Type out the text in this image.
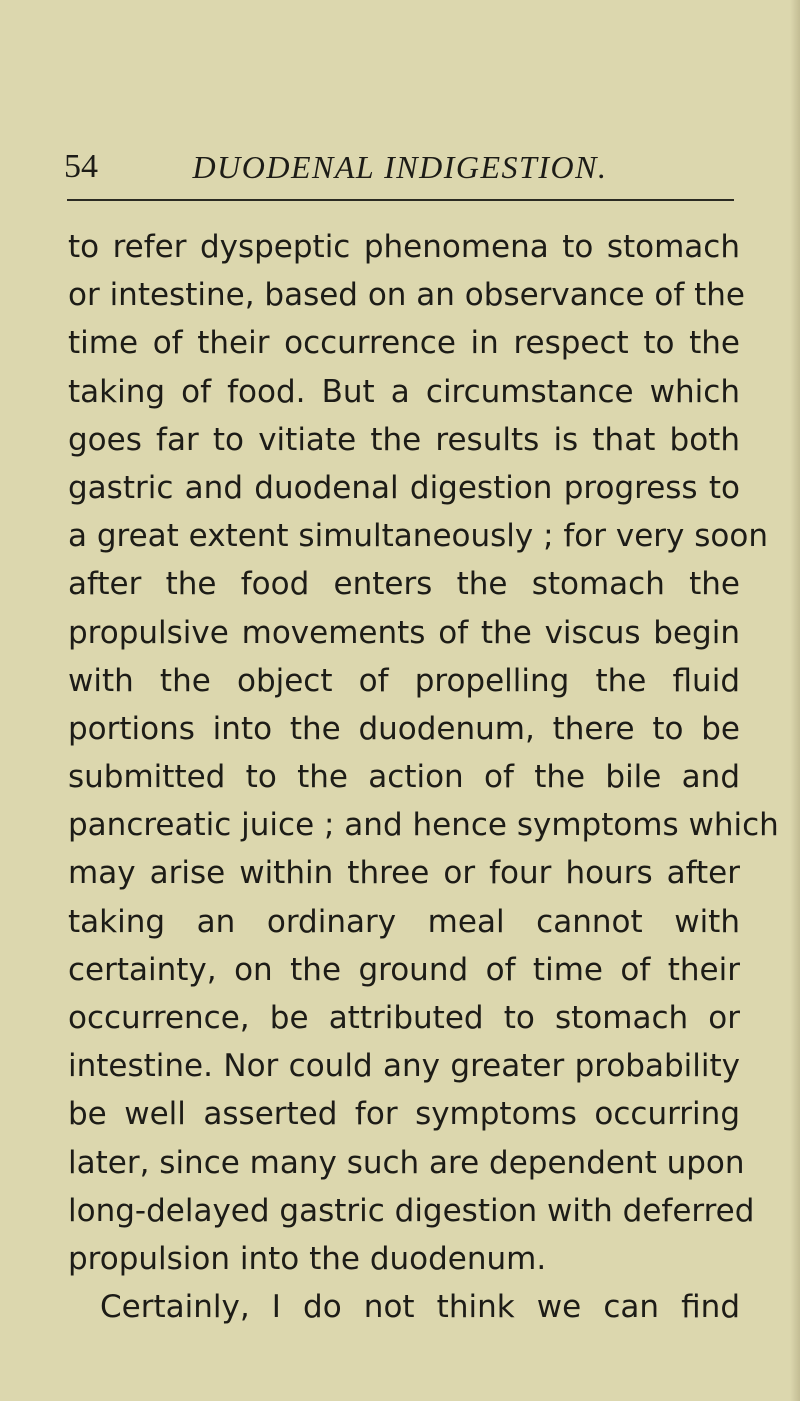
54	DUODENAL INDIGESTION.
to refer dyspeptic phenomena to stomach
or intestine, based on an observance of the
time of their occurrence in respect to the
taking of food. But a circumstance which
goes far to vitiate the results is that both
gastric and duodenal digestion progress to
a great extent simultaneously ; for very soon
after the food enters the stomach the
propulsive movements of the viscus begin
with the object of propelling the fluid
portions into the duodenum, there to be
submitted to the action of the bile and
pancreatic juice ; and hence symptoms which
may arise within three or four hours after
taking an ordinary meal cannot with
certainty, on the ground of time of their
occurrence, be attributed to stomach or
intestine. Nor could any greater probability
be well asserted for symptoms occurring
later, since many such are dependent upon
long-delayed gastric digestion with deferred
propulsion into the duodenum.
Certainly, I do not think we can find
